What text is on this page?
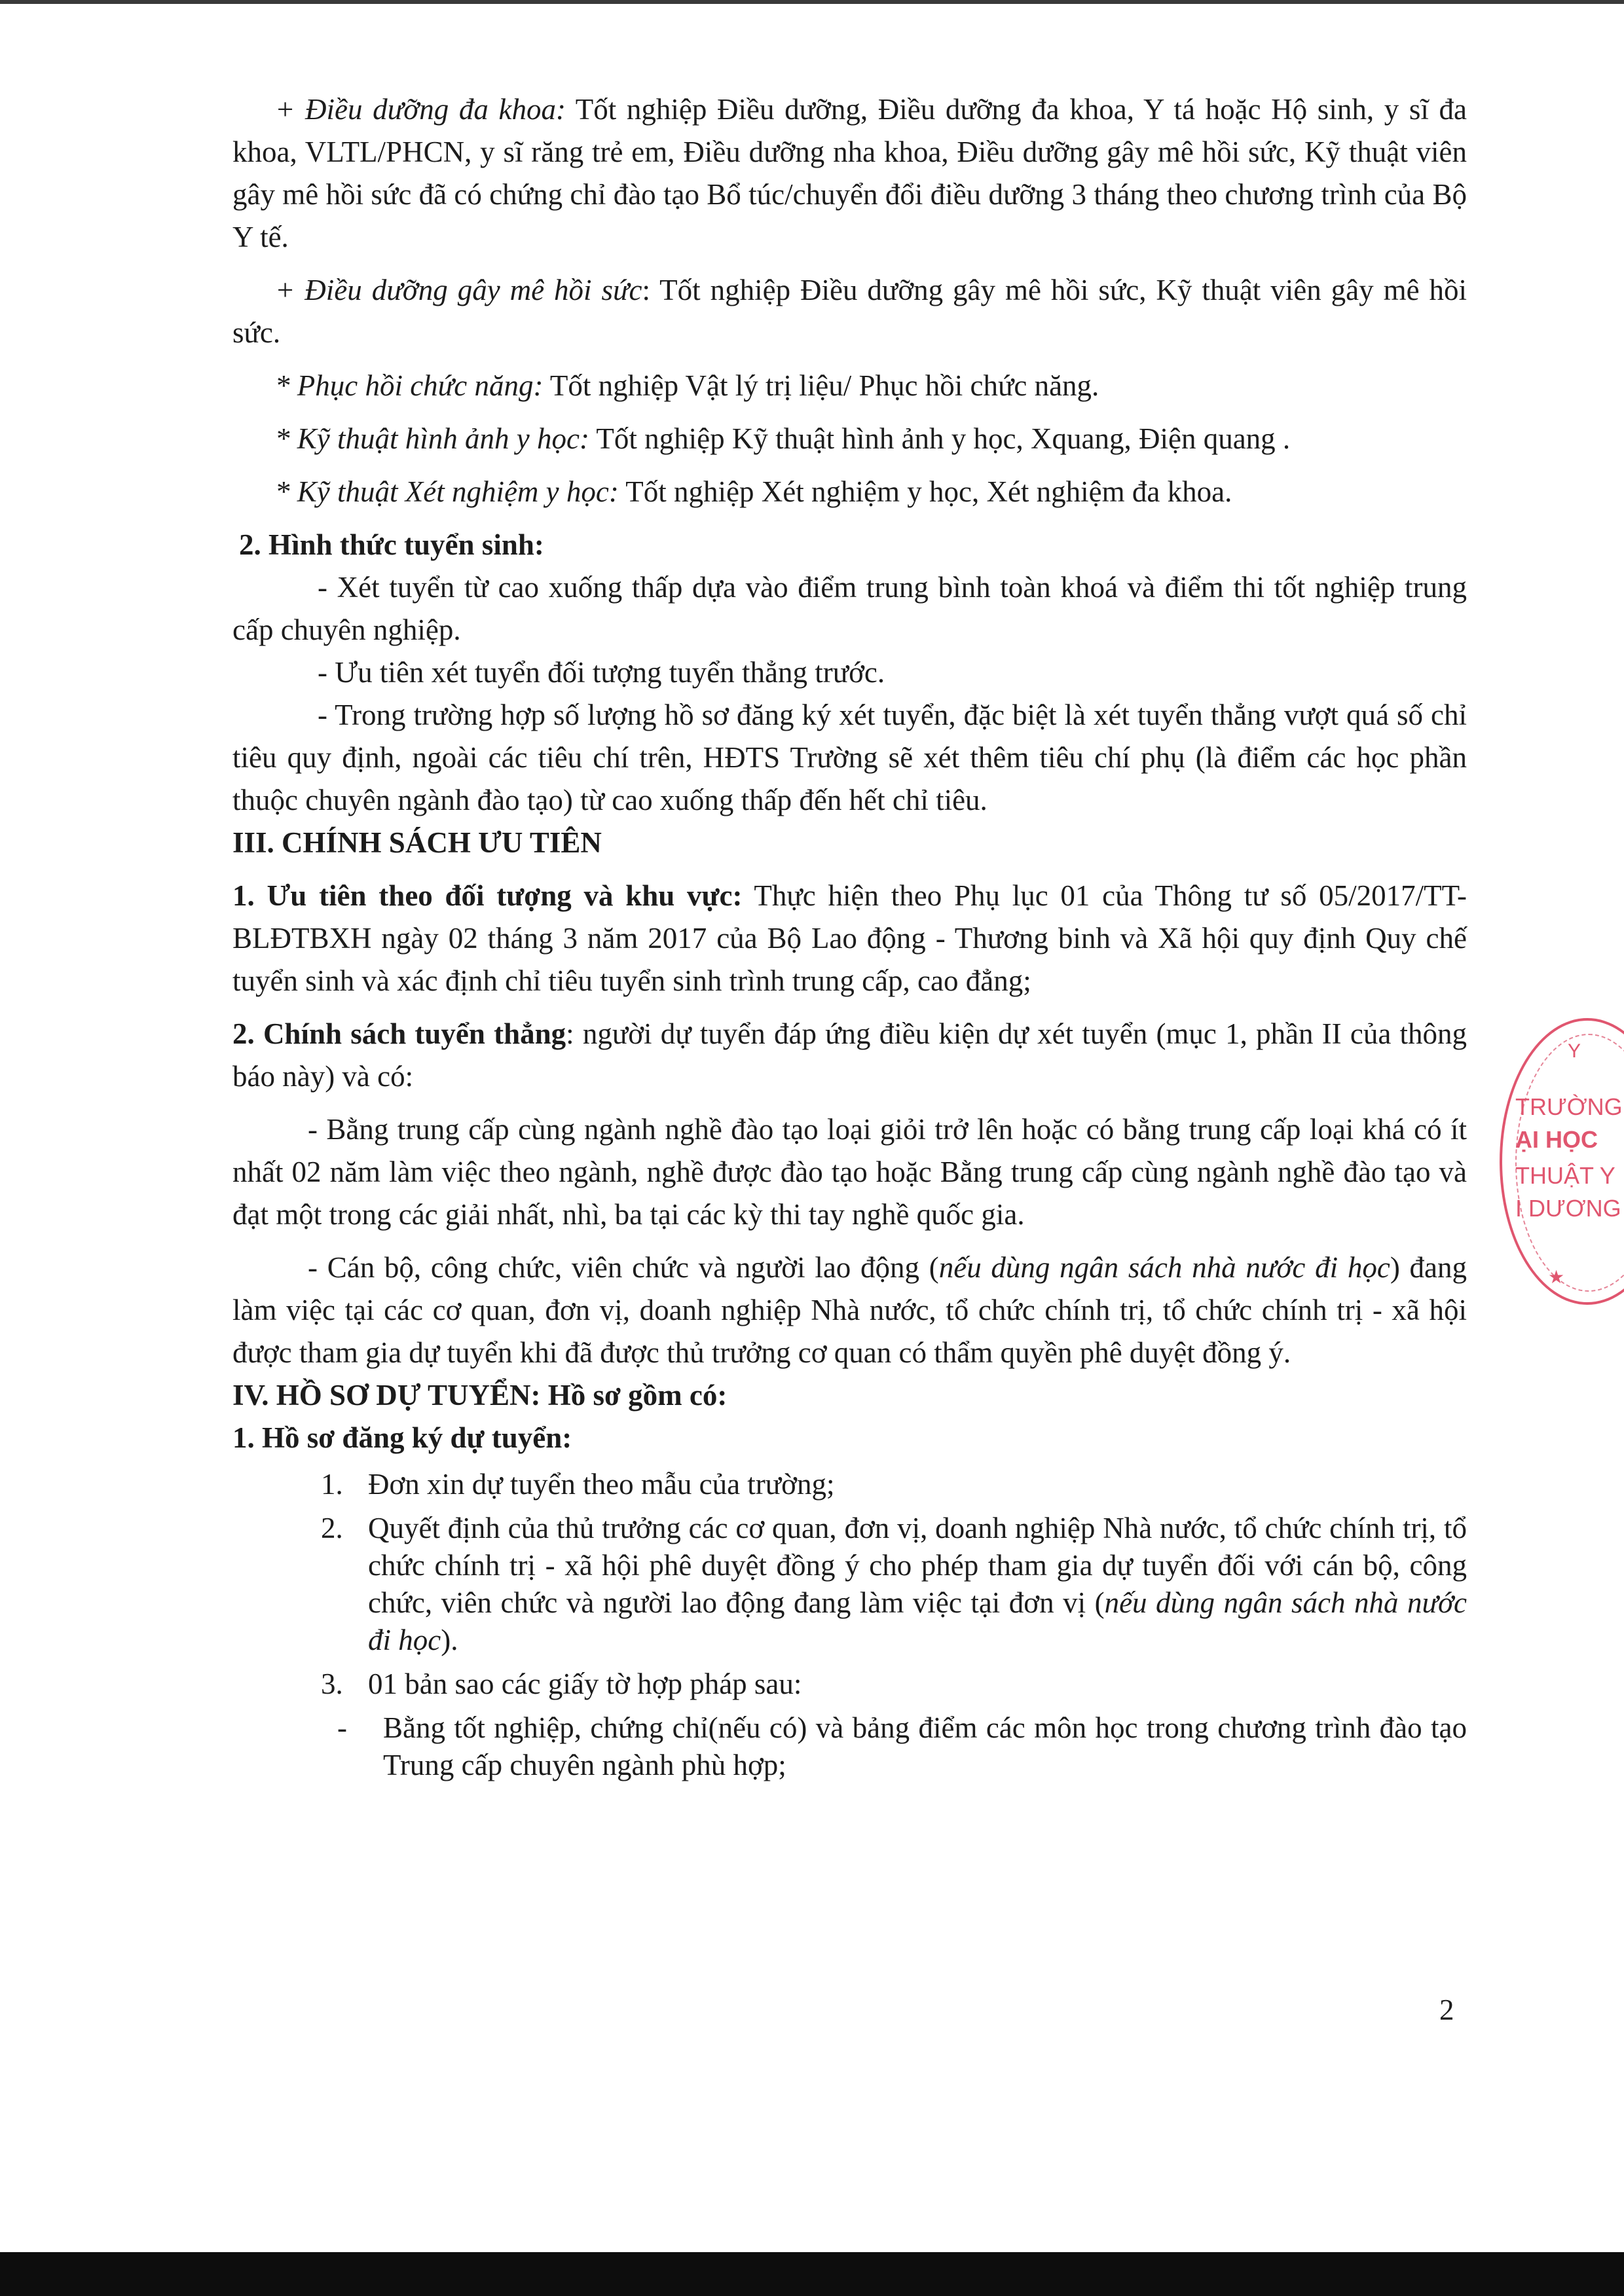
+ Điều dưỡng đa khoa: Tốt nghiệp Điều dưỡng, Điều dưỡng đa khoa, Y tá hoặc Hộ sinh, y sĩ đa khoa, VLTL/PHCN, y sĩ răng trẻ em, Điều dưỡng nha khoa, Điều dưỡng gây mê hồi sức, Kỹ thuật viên gây mê hồi sức đã có chứng chỉ đào tạo Bổ túc/chuyển đổi điều dưỡng 3 tháng theo chương trình của Bộ Y tế.

+ Điều dưỡng gây mê hồi sức: Tốt nghiệp Điều dưỡng gây mê hồi sức, Kỹ thuật viên gây mê hồi sức.

* Phục hồi chức năng: Tốt nghiệp Vật lý trị liệu/ Phục hồi chức năng.

* Kỹ thuật hình ảnh y học: Tốt nghiệp Kỹ thuật hình ảnh y học, Xquang, Điện quang .

* Kỹ thuật Xét nghiệm y học: Tốt nghiệp Xét nghiệm y học, Xét nghiệm đa khoa.

2. Hình thức tuyển sinh:

- Xét tuyển từ cao xuống thấp dựa vào điểm trung bình toàn khoá và điểm thi tốt nghiệp trung cấp chuyên nghiệp.

- Ưu tiên xét tuyển đối tượng tuyển thẳng trước.

- Trong trường hợp số lượng hồ sơ đăng ký xét tuyển, đặc biệt là xét tuyển thẳng vượt quá số chỉ tiêu quy định, ngoài các tiêu chí trên, HĐTS Trường sẽ xét thêm tiêu chí phụ (là điểm các học phần thuộc chuyên ngành đào tạo) từ cao xuống thấp đến hết chỉ tiêu.

III. CHÍNH SÁCH ƯU TIÊN

1. Ưu tiên theo đối tượng và khu vực: Thực hiện theo Phụ lục 01 của Thông tư số 05/2017/TT-BLĐTBXH ngày 02 tháng 3 năm 2017 của Bộ Lao động - Thương binh và Xã hội quy định Quy chế tuyển sinh và xác định chỉ tiêu tuyển sinh trình trung cấp, cao đẳng;

2. Chính sách tuyển thẳng: người dự tuyển đáp ứng điều kiện dự xét tuyển (mục 1, phần II của thông báo này) và có:

- Bằng trung cấp cùng ngành nghề đào tạo loại giỏi trở lên hoặc có bằng trung cấp loại khá có ít nhất 02 năm làm việc theo ngành, nghề được đào tạo hoặc Bằng trung cấp cùng ngành nghề đào tạo và đạt một trong các giải nhất, nhì, ba tại các kỳ thi tay nghề quốc gia.

- Cán bộ, công chức, viên chức và người lao động (nếu dùng ngân sách nhà nước đi học) đang làm việc tại các cơ quan, đơn vị, doanh nghiệp Nhà nước, tổ chức chính trị, tổ chức chính trị - xã hội được tham gia dự tuyển khi đã được thủ trưởng cơ quan có thẩm quyền phê duyệt đồng ý.

IV. HỒ SƠ DỰ TUYỂN: Hồ sơ gồm có:

1. Hồ sơ đăng ký dự tuyển:

1. Đơn xin dự tuyển theo mẫu của trường;
2. Quyết định của thủ trưởng các cơ quan, đơn vị, doanh nghiệp Nhà nước, tổ chức chính trị, tổ chức chính trị - xã hội phê duyệt đồng ý cho phép tham gia dự tuyển đối với cán bộ, công chức, viên chức và người lao động đang làm việc tại đơn vị (nếu dùng ngân sách nhà nước đi học).
3. 01 bản sao các giấy tờ hợp pháp sau:
- Bằng tốt nghiệp, chứng chỉ(nếu có) và bảng điểm các môn học trong chương trình đào tạo Trung cấp chuyên ngành phù hợp;
2
Y
TRƯỜNG
ẠI HỌC
THUẬT Y
I DƯƠNG
★
